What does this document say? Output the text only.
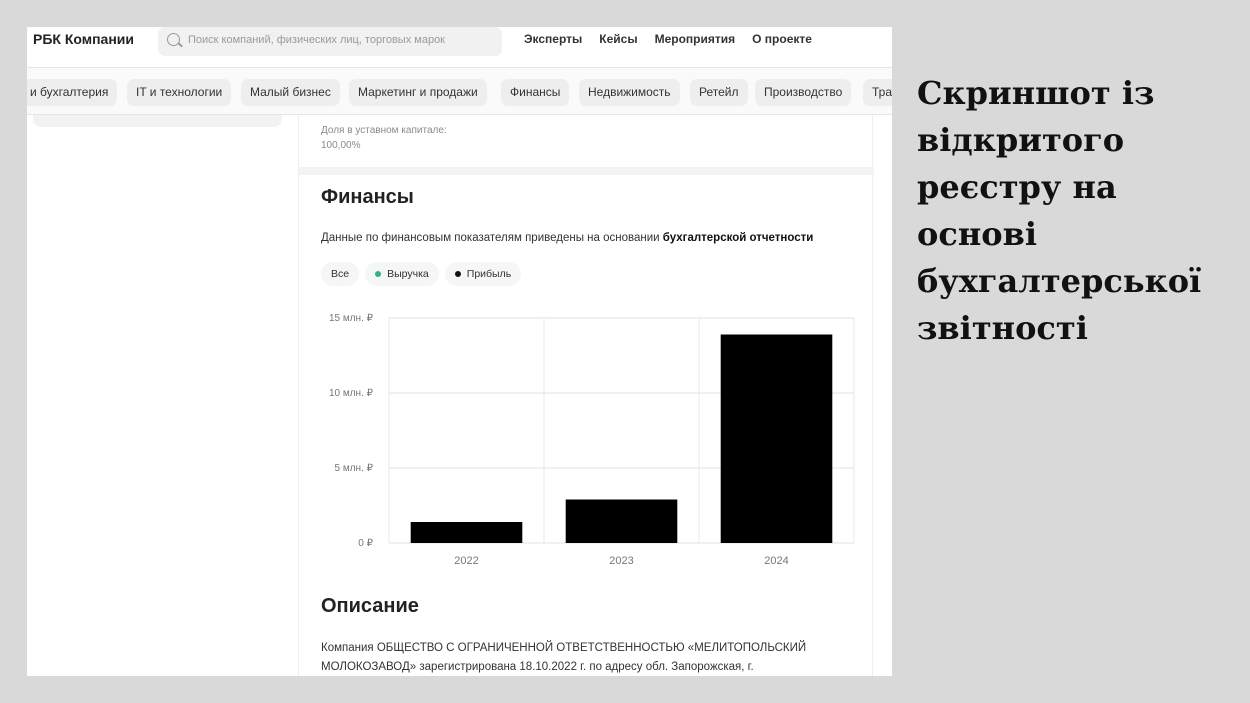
РБК Компании	Поиск компаний, физических лиц, торговых марок	Эксперты Кейсы Мероприятия О проекте
и бухгалтерия	IT и технологии	Малый бизнес	Маркетинг и продажи	Финансы	Недвижимость	Ретейл	Производство	Тра
Доля в уставном капитале:
100,00%
Финансы
Данные по финансовым показателям приведены на основании бухгалтерской отчетности
Все	Выручка	Прибыль
0 ₽
5 млн. ₽
10 млн. ₽
15 млн. ₽
2022	2023	2024
Описание
Компания ОБЩЕСТВО С ОГРАНИЧЕННОЙ ОТВЕТСТВЕННОСТЬЮ «МЕЛИТОПОЛЬСКИЙ МОЛОКОЗАВОД» зарегистрирована 18.10.2022 г. по адресу обл. Запорожская, г.
Скриншот із відкритого реєстру на основі бухгалтерської звітності
